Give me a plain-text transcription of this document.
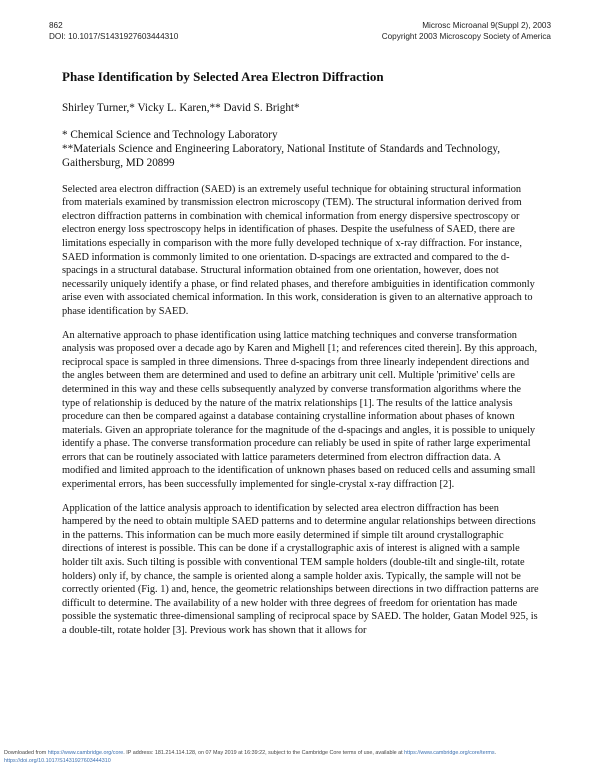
862
DOI: 10.1017/S1431927603444310
Microsc Microanal 9(Suppl 2), 2003
Copyright 2003 Microscopy Society of America
Phase Identification by Selected Area Electron Diffraction
Shirley Turner,* Vicky L. Karen,** David S. Bright*
* Chemical Science and Technology Laboratory
**Materials Science and Engineering Laboratory, National Institute of Standards and Technology,
Gaithersburg, MD 20899

Selected area electron diffraction (SAED) is an extremely useful technique for obtaining structural information from materials examined by transmission electron microscopy (TEM). The structural information derived from electron diffraction patterns in combination with chemical information from energy dispersive spectroscopy or electron energy loss spectroscopy helps in identification of phases. Despite the usefulness of SAED, there are limitations especially in comparison with the more fully developed technique of x-ray diffraction. For instance, SAED information is commonly limited to one orientation. D-spacings are extracted and compared to the d-spacings in a structural database. Structural information obtained from one orientation, however, does not necessarily uniquely identify a phase, or find related phases, and therefore ambiguities in identification commonly arise even with associated chemical information. In this work, consideration is given to an alternative approach to phase identification by SAED.

An alternative approach to phase identification using lattice matching techniques and converse transformation analysis was proposed over a decade ago by Karen and Mighell [1; and references cited therein]. By this approach, reciprocal space is sampled in three dimensions. Three d-spacings from three linearly independent directions and the angles between them are determined and used to define an arbitrary unit cell. Multiple 'primitive' cells are determined in this way and these cells subsequently analyzed by converse transformation algorithms where the type of relationship is deduced by the nature of the matrix relationships [1]. The results of the lattice analysis procedure can then be compared against a database containing crystalline information about phases of known materials. Given an appropriate tolerance for the magnitude of the d-spacings and angles, it is possible to uniquely identify a phase. The converse transformation procedure can reliably be used in spite of rather large experimental errors that can be routinely associated with lattice parameters determined from electron diffraction data. A modified and limited approach to the identification of unknown phases based on reduced cells and assuming small experimental errors, has been successfully implemented for single-crystal x-ray diffraction [2].

Application of the lattice analysis approach to identification by selected area electron diffraction has been hampered by the need to obtain multiple SAED patterns and to determine angular relationships between directions in the patterns. This information can be much more easily determined if simple tilt around crystallographic directions of interest is possible. This can be done if a crystallographic axis of interest is aligned with a sample holder tilt axis. Such tilting is possible with conventional TEM sample holders (double-tilt and single-tilt, rotate holders) only if, by chance, the sample is oriented along a sample holder axis. Typically, the sample will not be correctly oriented (Fig. 1) and, hence, the geometric relationships between directions in two diffraction patterns are difficult to determine. The availability of a new holder with three degrees of freedom for orientation has made possible the systematic three-dimensional sampling of reciprocal space by SAED. The holder, Gatan Model 925, is a double-tilt, rotate holder [3]. Previous work has shown that it allows for

Downloaded from https://www.cambridge.org/core. IP address: 181.214.114.128, on 07 May 2019 at 16:39:22, subject to the Cambridge Core terms of use, available at https://www.cambridge.org/core/terms.
https://doi.org/10.1017/S1431927603444310
